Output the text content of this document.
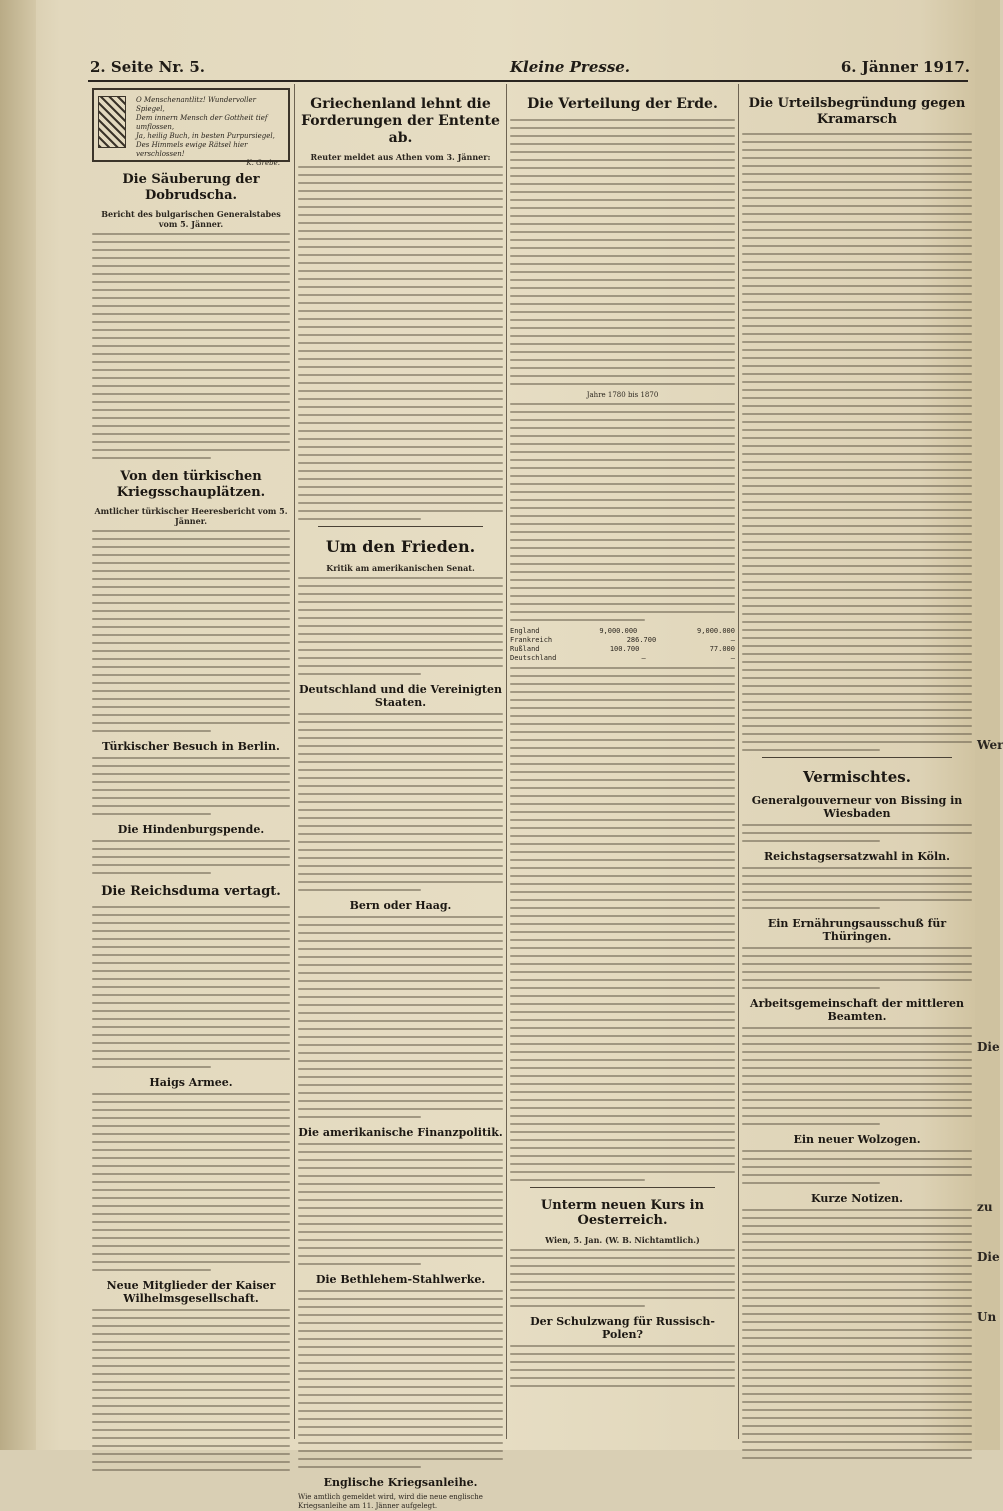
2. Seite Nr. 5.	Kleine Presse.	6. Jänner 1917.
O Menschenantlitz! Wundervoller Spiegel,
Dem innern Mensch der Gottheit tief umflossen,
Ja, heilig Buch, in besten Purpursiegel,
Des Himmels ewige Rätsel hier verschlossen!
K. Grebe.
Die Säuberung der Dobrudscha.

Bericht des bulgarischen Generalstabes vom 5. Jänner.

Von den türkischen Kriegsschauplätzen.

Amtlicher türkischer Heeresbericht vom 5. Jänner.

Türkischer Besuch in Berlin.
Die Hindenburgspende.
Die Reichsduma vertagt.
Haigs Armee.
Neue Mitglieder der Kaiser Wilhelmsgesellschaft.
Griechenland lehnt die Forderungen der Entente ab.

Reuter meldet aus Athen vom 3. Jänner:

Um den Frieden.

Kritik am amerikanischen Senat.

Deutschland und die Vereinigten Staaten.
Bern oder Haag.
Die amerikanische Finanzpolitik.
Die Bethlehem-Stahlwerke.
Englische Kriegsanleihe.

Wie amtlich gemeldet wird, wird die neue englische Kriegsanleihe am 11. Jänner aufgelegt.

Die Verteilung der Erde.

Jahre 1780 bis 1870

England	9,000.000	9,000.000
Frankreich	286.700	—
Rußland	100.700	77.000
Deutschland	—	—
Unterm neuen Kurs in Oesterreich.

Wien, 5. Jan. (W. B. Nichtamtlich.)

Der Schulzwang für Russisch-Polen?
Die Urteilsbegründung gegen Kramarsch
Vermischtes.
Generalgouverneur von Bissing in Wiesbaden
Reichstagsersatzwahl in Köln.
Ein Ernährungsausschuß für Thüringen.
Arbeitsgemeinschaft der mittleren Beamten.
Ein neuer Wolzogen.
Kurze Notizen.
Wer
Die
zu
Die
Un
